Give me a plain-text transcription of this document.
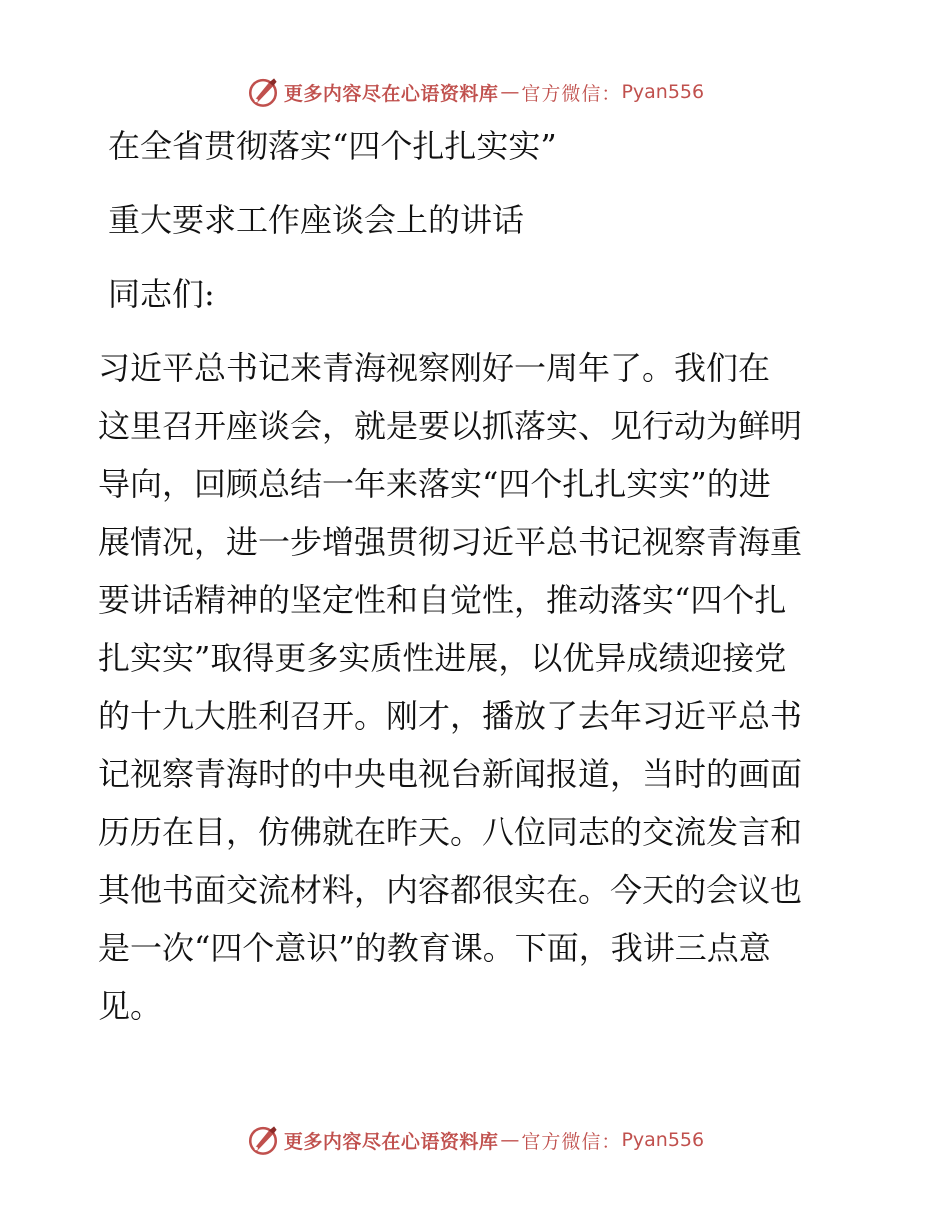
更多内容尽在心语资料库 — 官方微信： Pyan556
在全省贯彻落实“四个扎扎实实”
重大要求工作座谈会上的讲话
同志们:
习近平总书记来青海视察刚好一周年了。我们在
这里召开座谈会，就是要以抓落实、见行动为鲜明
导向，回顾总结一年来落实“四个扎扎实实”的进
展情况，进一步增强贯彻习近平总书记视察青海重
要讲话精神的坚定性和自觉性，推动落实“四个扎
扎实实”取得更多实质性进展，以优异成绩迎接党
的十九大胜利召开。刚才，播放了去年习近平总书
记视察青海时的中央电视台新闻报道，当时的画面
历历在目，仿佛就在昨天。八位同志的交流发言和
其他书面交流材料，内容都很实在。今天的会议也
是一次“四个意识”的教育课。下面，我讲三点意
见。
更多内容尽在心语资料库 — 官方微信： Pyan556
